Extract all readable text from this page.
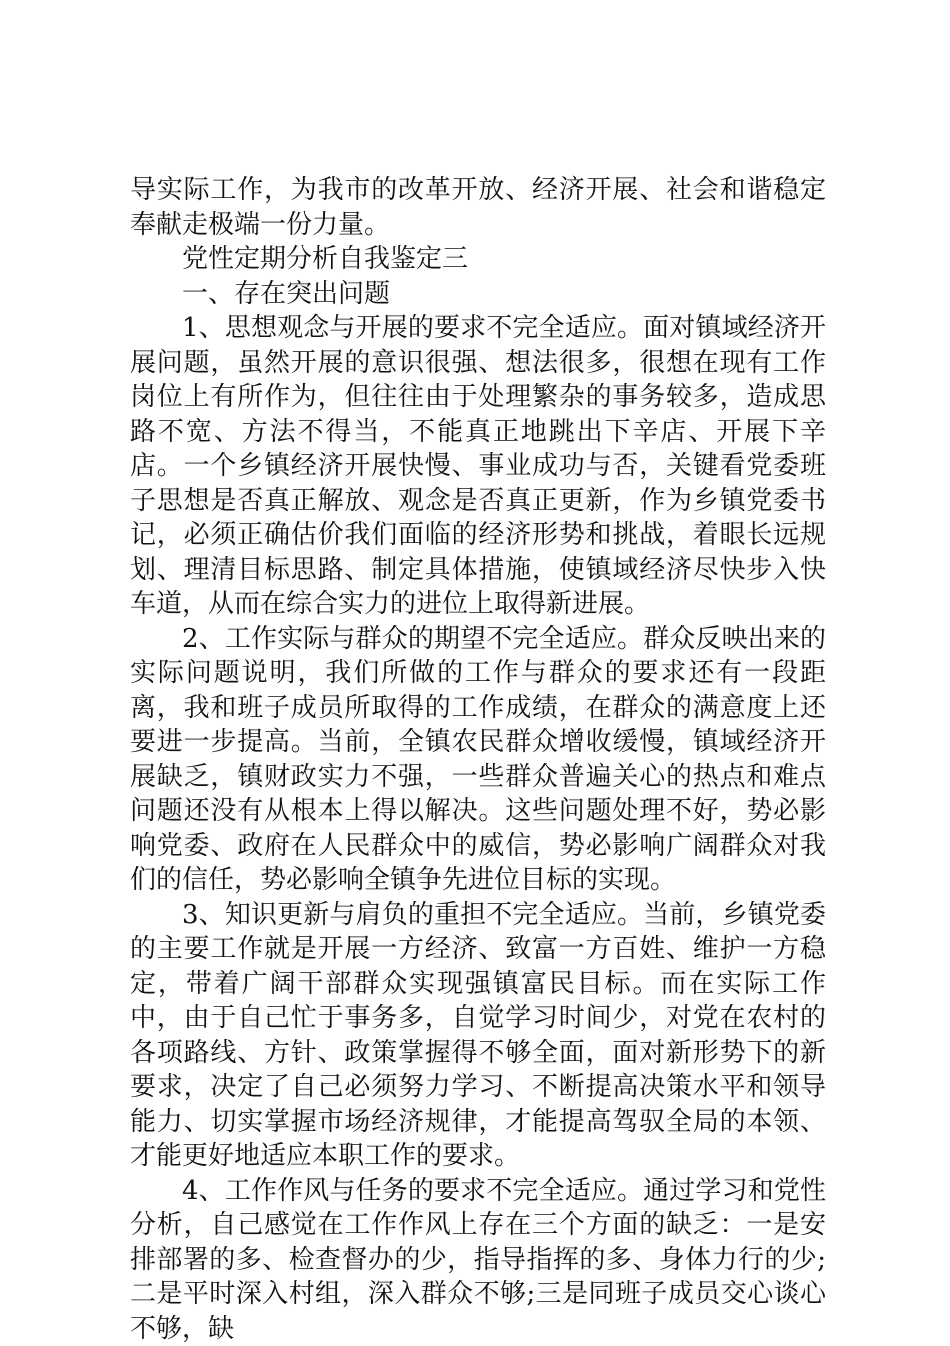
导实际工作，为我市的改革开放、经济开展、社会和谐稳定奉献走极端一份力量。

党性定期分析自我鉴定三

一、存在突出问题

1、思想观念与开展的要求不完全适应。面对镇域经济开展问题，虽然开展的意识很强、想法很多，很想在现有工作岗位上有所作为，但往往由于处理繁杂的事务较多，造成思路不宽、方法不得当，不能真正地跳出下辛店、开展下辛店。一个乡镇经济开展快慢、事业成功与否，关键看党委班子思想是否真正解放、观念是否真正更新，作为乡镇党委书记，必须正确估价我们面临的经济形势和挑战，着眼长远规划、理清目标思路、制定具体措施，使镇域经济尽快步入快车道，从而在综合实力的进位上取得新进展。

2、工作实际与群众的期望不完全适应。群众反映出来的实际问题说明，我们所做的工作与群众的要求还有一段距离，我和班子成员所取得的工作成绩，在群众的满意度上还要进一步提高。当前，全镇农民群众增收缓慢，镇域经济开展缺乏，镇财政实力不强，一些群众普遍关心的热点和难点问题还没有从根本上得以解决。这些问题处理不好，势必影响党委、政府在人民群众中的威信，势必影响广阔群众对我们的信任，势必影响全镇争先进位目标的实现。

3、知识更新与肩负的重担不完全适应。当前，乡镇党委的主要工作就是开展一方经济、致富一方百姓、维护一方稳定，带着广阔干部群众实现强镇富民目标。而在实际工作中，由于自己忙于事务多，自觉学习时间少，对党在农村的各项路线、方针、政策掌握得不够全面，面对新形势下的新要求，决定了自己必须努力学习、不断提高决策水平和领导能力、切实掌握市场经济规律，才能提高驾驭全局的本领、才能更好地适应本职工作的要求。

4、工作作风与任务的要求不完全适应。通过学习和党性分析，自己感觉在工作作风上存在三个方面的缺乏：一是安排部署的多、检查督办的少，指导指挥的多、身体力行的少;二是平时深入村组，深入群众不够;三是同班子成员交心谈心不够，缺
